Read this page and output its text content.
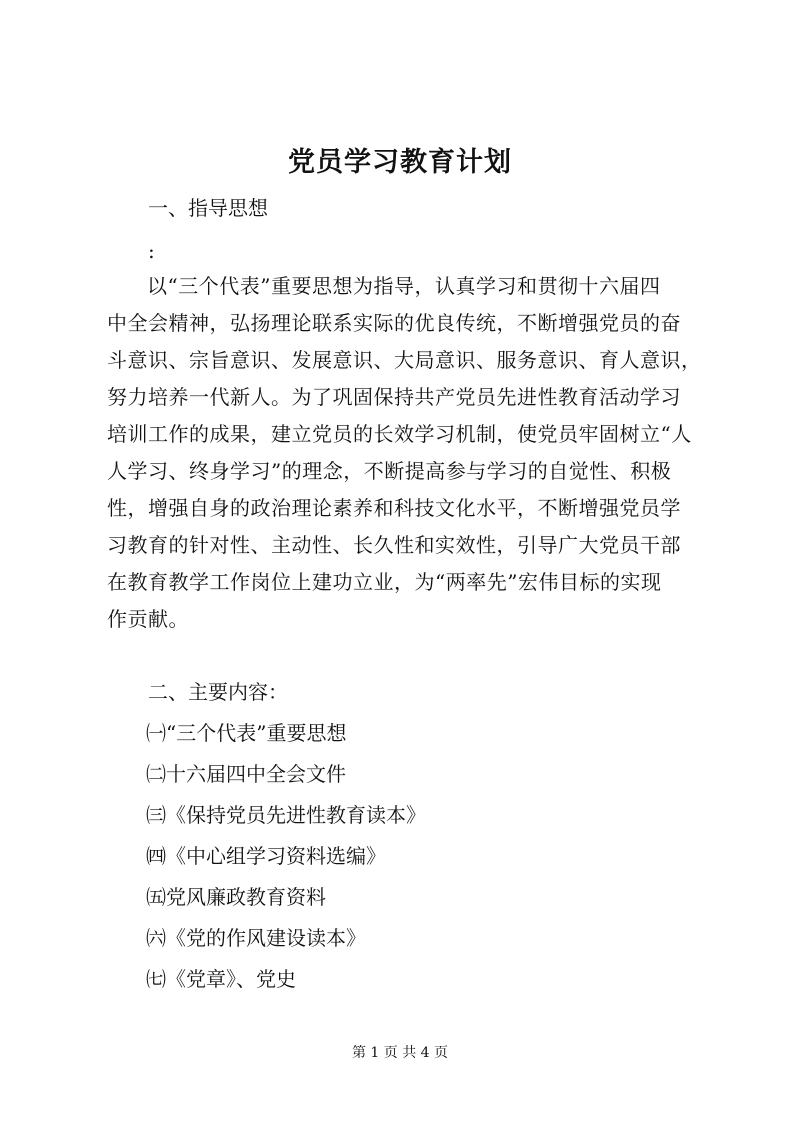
党员学习教育计划
一、指导思想
:
以“三个代表”重要思想为指导，认真学习和贯彻十六届四
中全会精神，弘扬理论联系实际的优良传统，不断增强党员的奋
斗意识、宗旨意识、发展意识、大局意识、服务意识、育人意识，
努力培养一代新人。为了巩固保持共产党员先进性教育活动学习
培训工作的成果，建立党员的长效学习机制，使党员牢固树立“人
人学习、终身学习”的理念，不断提高参与学习的自觉性、积极
性，增强自身的政治理论素养和科技文化水平，不断增强党员学
习教育的针对性、主动性、长久性和实效性，引导广大党员干部
在教育教学工作岗位上建功立业，为“两率先”宏伟目标的实现
作贡献。
二、主要内容：
㈠“三个代表”重要思想
㈡十六届四中全会文件
㈢《保持党员先进性教育读本》
㈣《中心组学习资料选编》
㈤党风廉政教育资料
㈥《党的作风建设读本》
㈦《党章》、党史
第 1 页 共 4 页
